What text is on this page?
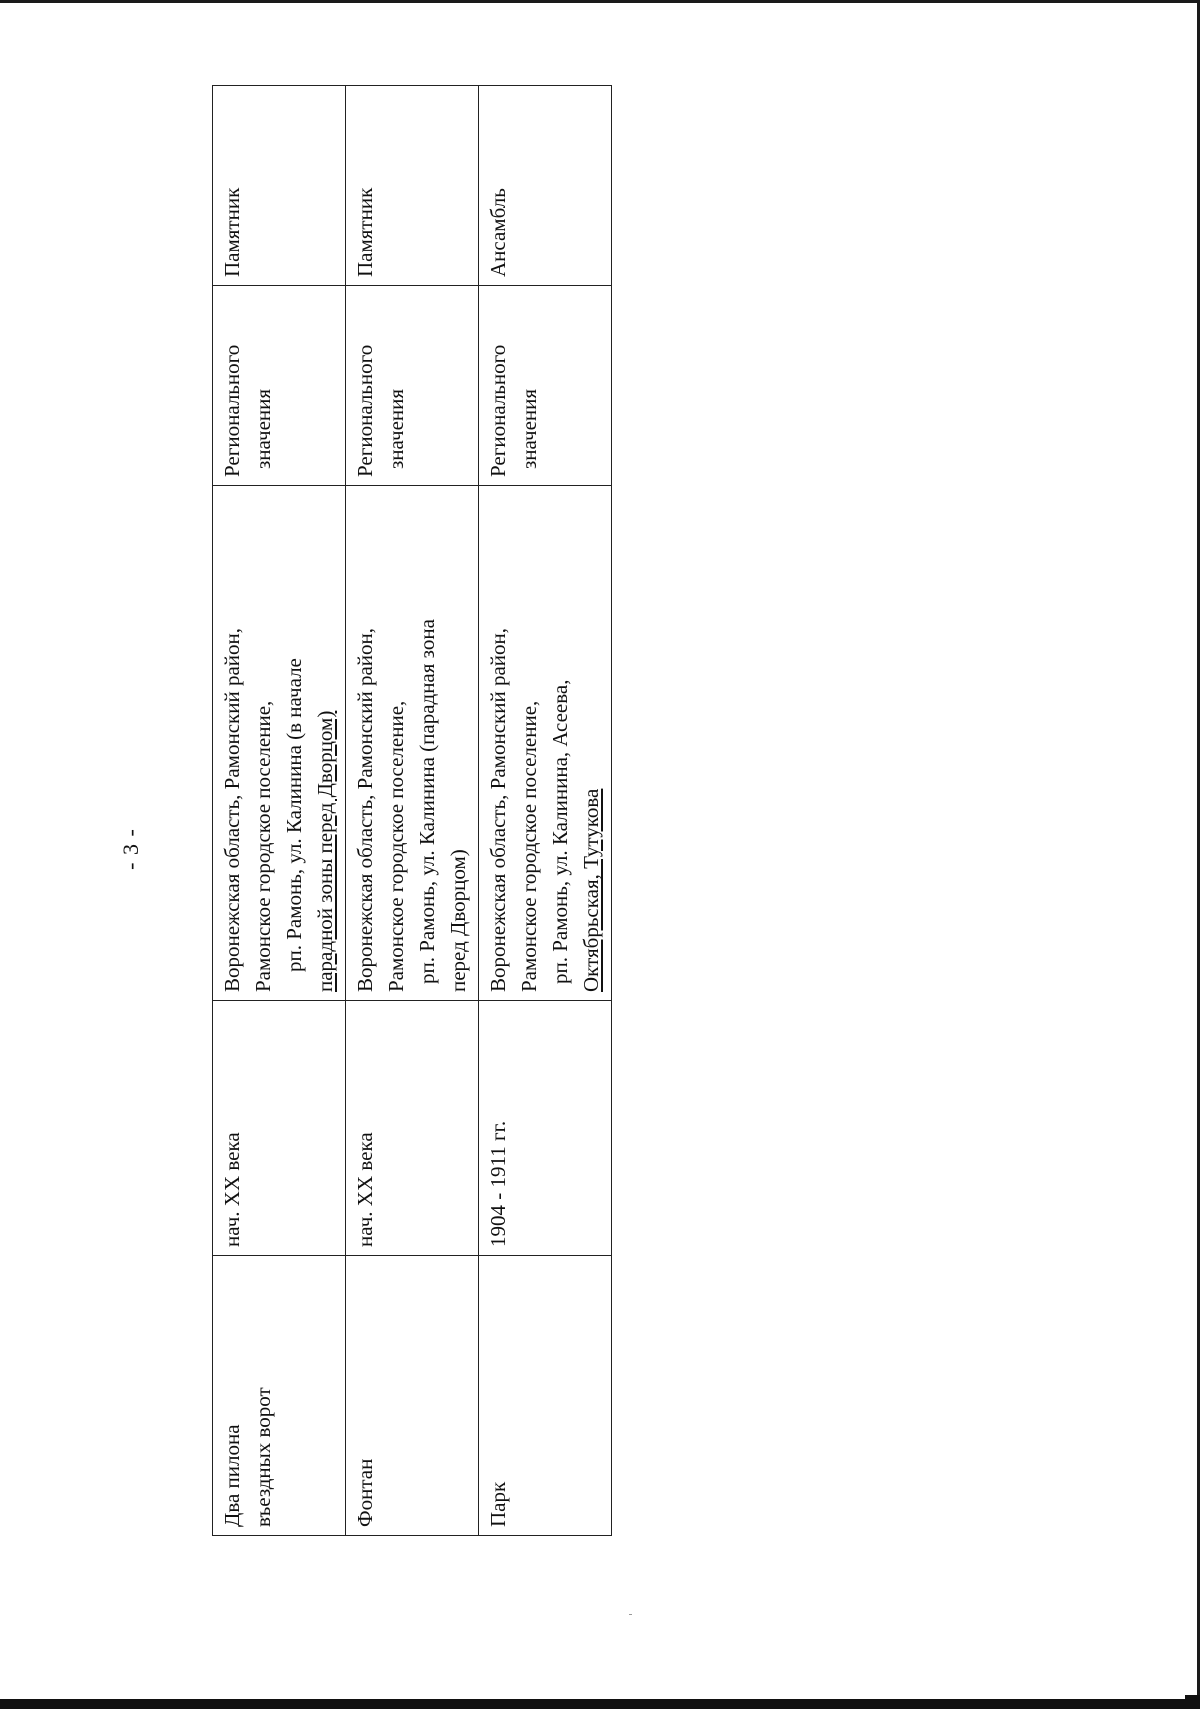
- 3 -
Два пилона въездных ворот	нач. XX века	Воронежская область, Рамонский район, Рамонское городское поселение, рп. Рамонь, ул. Калинина (в начале парадной зоны перед Дворцом)	Регионального значения	Памятник

Фонтан	нач. XX века	Воронежская область, Рамонский район, Рамонское городское поселение, рп. Рамонь, ул. Калинина (парадная зона перед Дворцом)	Регионального значения	Памятник

Парк	1904 - 1911 гг.	Воронежская область, Рамонский район, Рамонское городское поселение, рп. Рамонь, ул. Калинина, Асеева, Октябрьская, Тутукова	Регионального значения	Ансамбль
